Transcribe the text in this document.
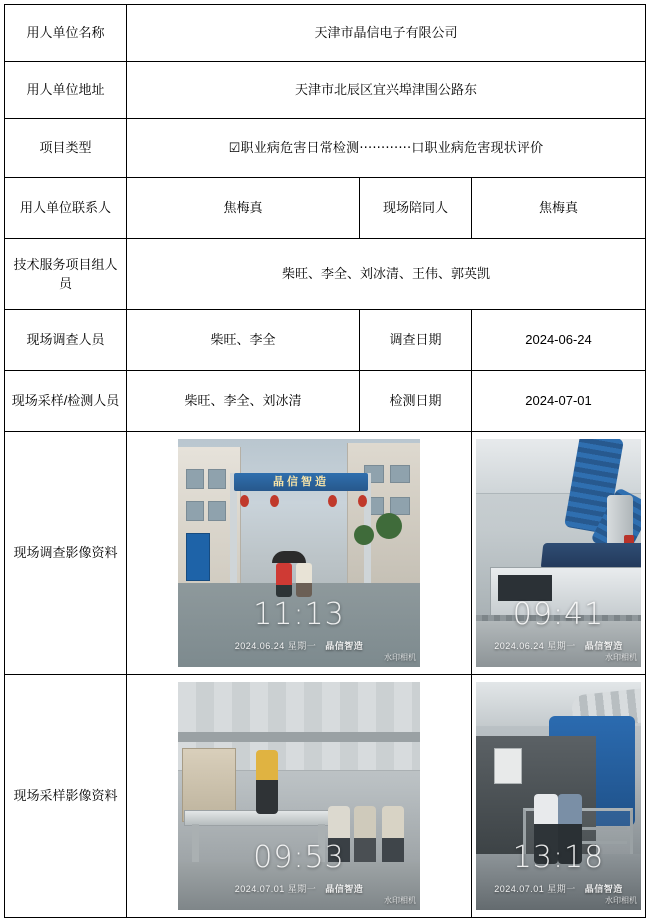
用人单位名称	天津市晶信电子有限公司		
用人单位地址	天津市北辰区宜兴埠津围公路东		
项目类型	☑职业病危害日常检测‧‧‧‧‧‧‧‧‧‧‧‧口职业病危害现状评价		
用人单位联系人	焦梅真	现场陪同人	焦梅真
技术服务项目组人员	柴旺、李全、刘冰清、王伟、郭英凯		
现场调查人员	柴旺、李全	调查日期	2024-06-24
现场采样/检测人员	柴旺、李全、刘冰清	检测日期	2024-07-01
现场调查影像资料	
晶信智造
11:13
2024.06.24 星期一 晶信智造
水印相机

09:41
2024.06.24 星期一 晶信智造
水印相机

现场采样影像资料	
09:53
2024.07.01 星期一 晶信智造
水印相机

13:18
2024.07.01 星期一 晶信智造
水印相机
